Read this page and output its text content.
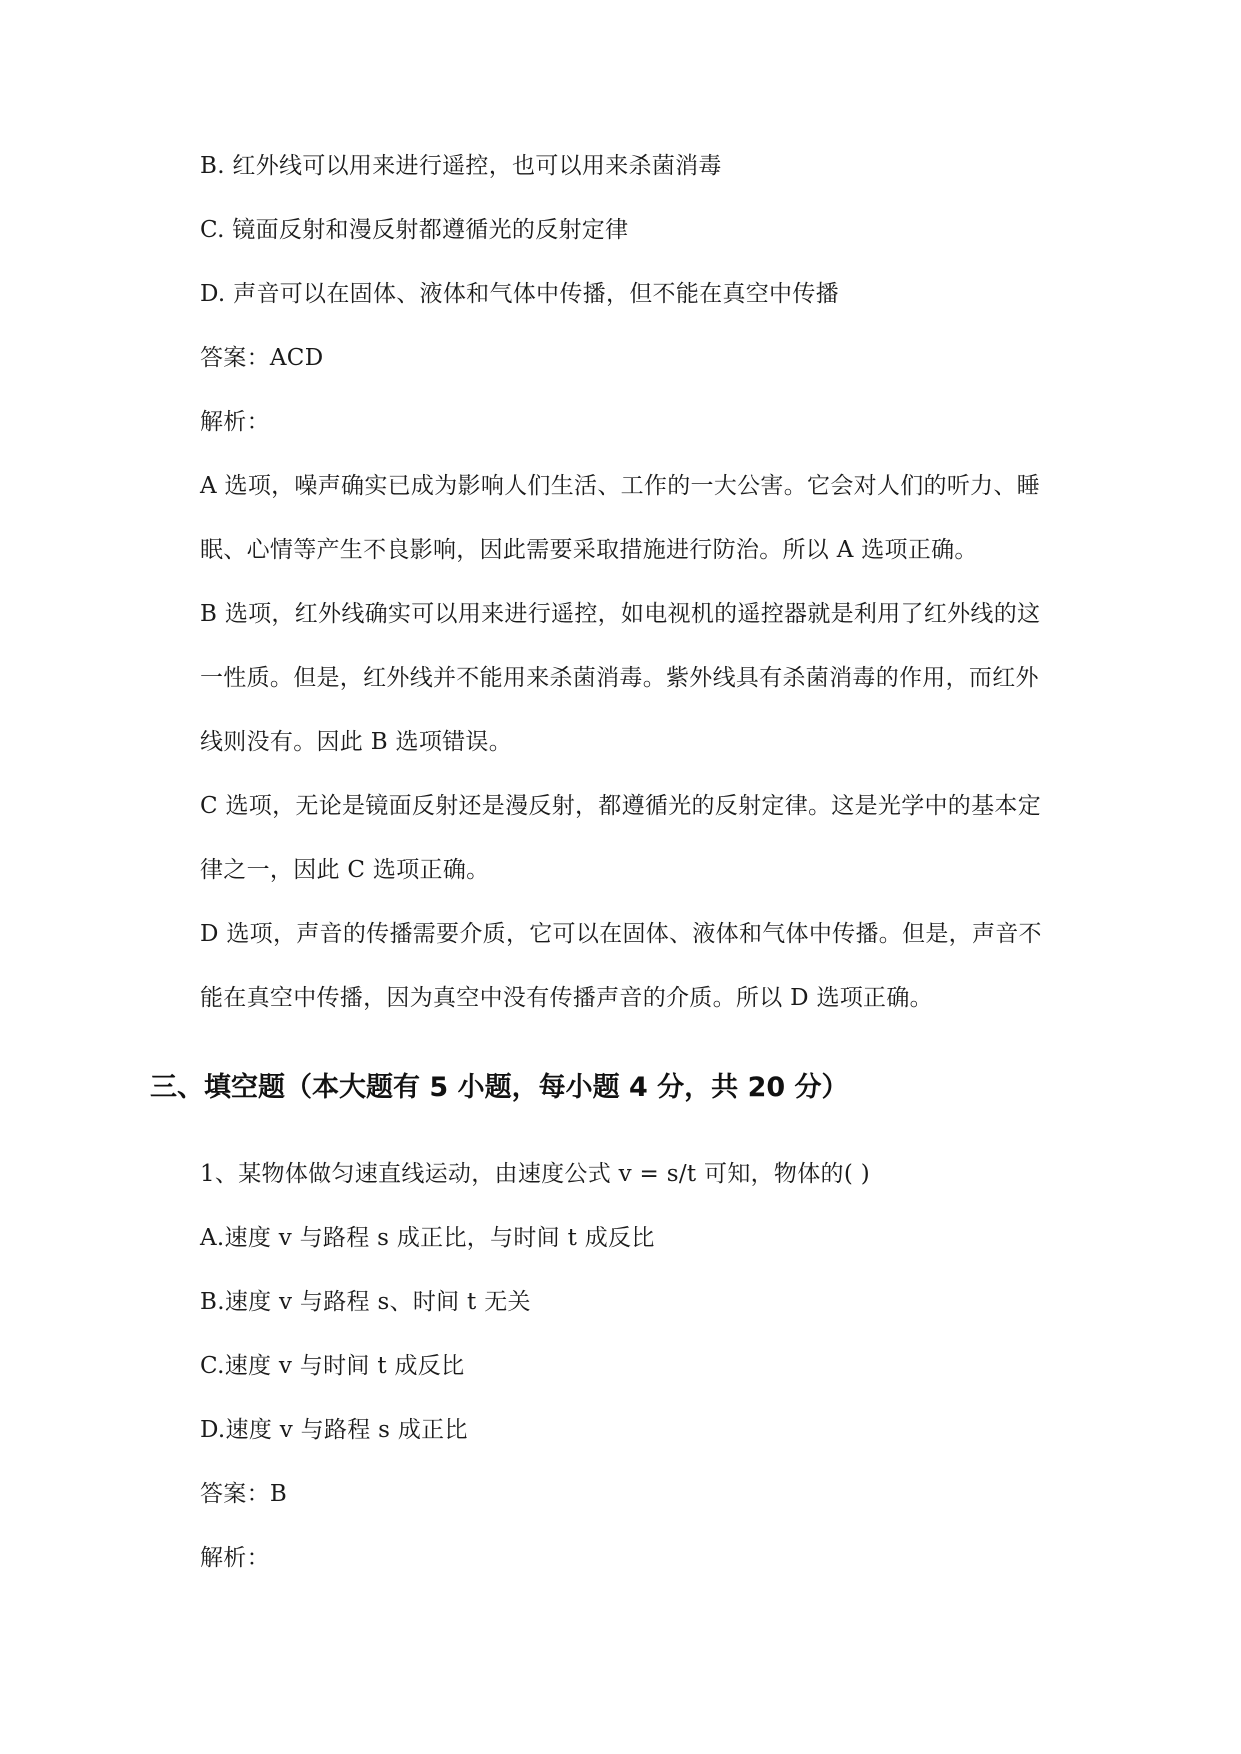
B. 红外线可以用来进行遥控，也可以用来杀菌消毒
C. 镜面反射和漫反射都遵循光的反射定律
D. 声音可以在固体、液体和气体中传播，但不能在真空中传播
答案：ACD
解析：
A 选项，噪声确实已成为影响人们生活、工作的一大公害。它会对人们的听力、睡
眠、心情等产生不良影响，因此需要采取措施进行防治。所以 A 选项正确。
B 选项，红外线确实可以用来进行遥控，如电视机的遥控器就是利用了红外线的这
一性质。但是，红外线并不能用来杀菌消毒。紫外线具有杀菌消毒的作用，而红外
线则没有。因此 B 选项错误。
C 选项，无论是镜面反射还是漫反射，都遵循光的反射定律。这是光学中的基本定
律之一，因此 C 选项正确。
D 选项，声音的传播需要介质，它可以在固体、液体和气体中传播。但是，声音不
能在真空中传播，因为真空中没有传播声音的介质。所以 D 选项正确。
三、填空题（本大题有 5 小题，每小题 4 分，共 20 分）
1、某物体做匀速直线运动，由速度公式 v = s/t 可知，物体的( )
A.速度 v 与路程 s 成正比，与时间 t 成反比
B.速度 v 与路程 s、时间 t 无关
C.速度 v 与时间 t 成反比
D.速度 v 与路程 s 成正比
答案：B
解析：
